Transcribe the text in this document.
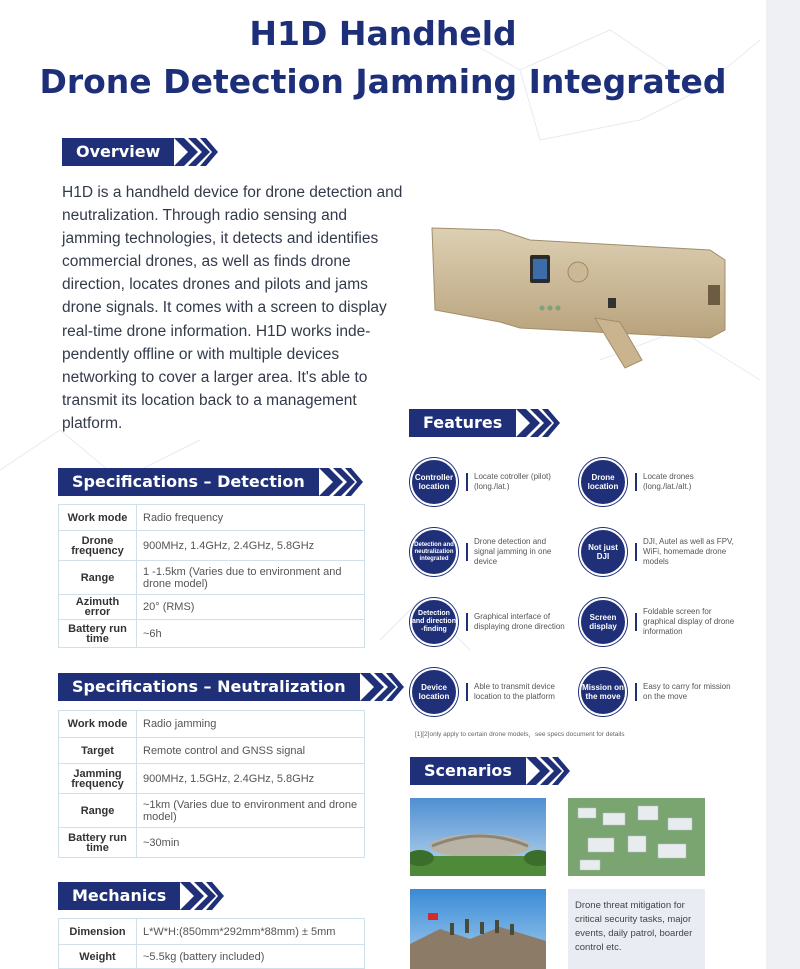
H1D Handheld
Drone Detection Jamming Integrated
Overview
H1D is a handheld device for drone detection and neutralization. Through radio sensing and jamming technologies, it detects and identifies commercial drones, as well as finds drone direction, locates drones and pilots and jams drone signals. It comes with a screen to display real-time drone information. H1D works inde-pendently offline or with multiple devices networking to cover a larger area. It's able to transmit its location back to a management platform.
Specifications – Detection
Work mode	Radio frequency
Drone frequency	900MHz, 1.4GHz, 2.4GHz, 5.8GHz
Range	1 -1.5km (Varies due to environment and drone model)
Azimuth error	20° (RMS)
Battery run time	~6h
Specifications – Neutralization
Work mode	Radio jamming
Target	Remote control and GNSS signal
Jamming frequency	900MHz, 1.5GHz, 2.4GHz, 5.8GHz
Range	~1km (Varies due to environment and drone model)
Battery run time	~30min
Mechanics
Dimension	L*W*H:(850mm*292mm*88mm) ± 5mm
Weight	~5.5kg (battery included)
Features
Controller location
Locate cotroller (pilot) (long./lat.)
Drone location
Locate drones (long./lat./alt.)
Detection and neutralization integrated
Drone detection and signal jamming in one device
Not just DJI
DJI, Autel as well as FPV, WiFi, homemade drone models
Detection and direction -finding
Graphical interface of displaying drone direction
Screen display
Foldable screen for graphical display of drone information
Device location
Able to transmit device location to the platform
Mission on the move
Easy to carry for mission on the move
[1][2]only apply to certain drone models，see specs document for details
Scenarios
Drone threat mitigation for critical security tasks, major events, daily patrol, boarder control etc.
